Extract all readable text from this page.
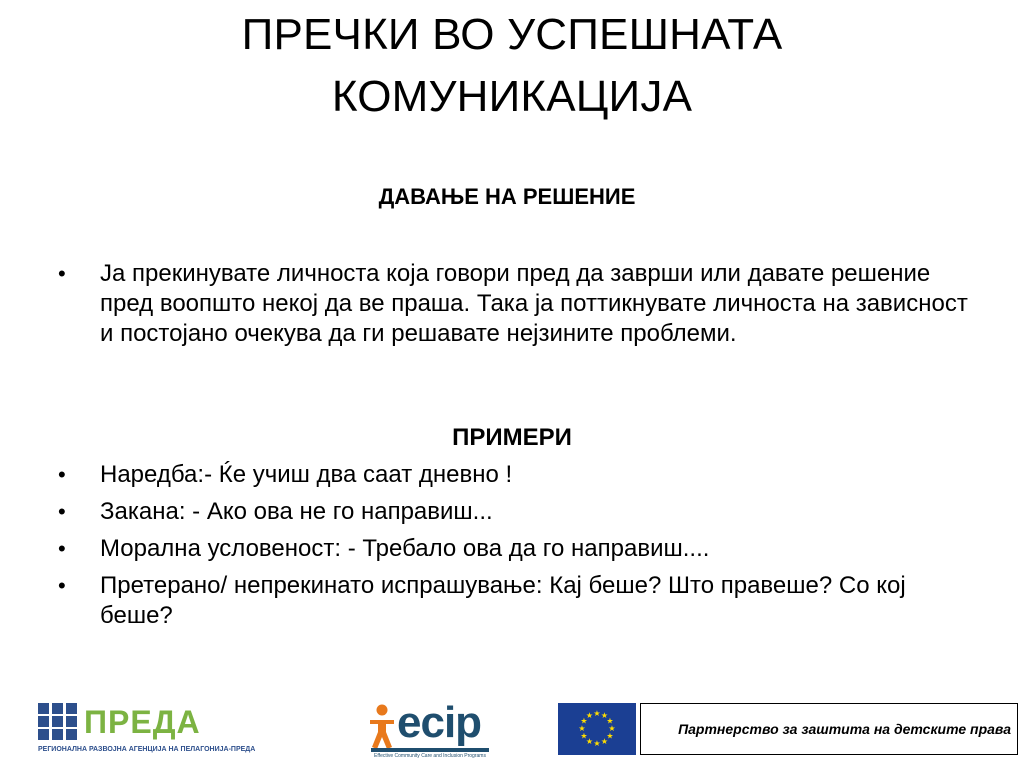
ПРЕЧКИ ВО УСПЕШНАТА
КОМУНИКАЦИЈА
ДАВАЊЕ НА РЕШЕНИЕ
•	Ја прекинувате личноста која говори пред да заврши или давате решение пред воопшто некој да ве праша. Така ја поттикнувате личноста на зависност и постојано очекува да ги решавате нејзините проблеми.
ПРИМЕРИ
•	Наредба:- Ќе учиш два саат дневно !
•	Закана: - Ако ова не го направиш...
•	Морална условеност: - Требало ова да го направиш....
•	Претерано/ непрекинато испрашување: Кај беше? Што правеше? Со кој беше?
ПРЕДА
РЕГИОНАЛНА РАЗВОЈНА АГЕНЦИЈА НА ПЕЛАГОНИЈА-ПРЕДА
ecip
Effective Community Care and Inclusion Programs
★ ★
★
★
★
★
★
★
★
★
★
★
Партнерство за заштита на детските права
